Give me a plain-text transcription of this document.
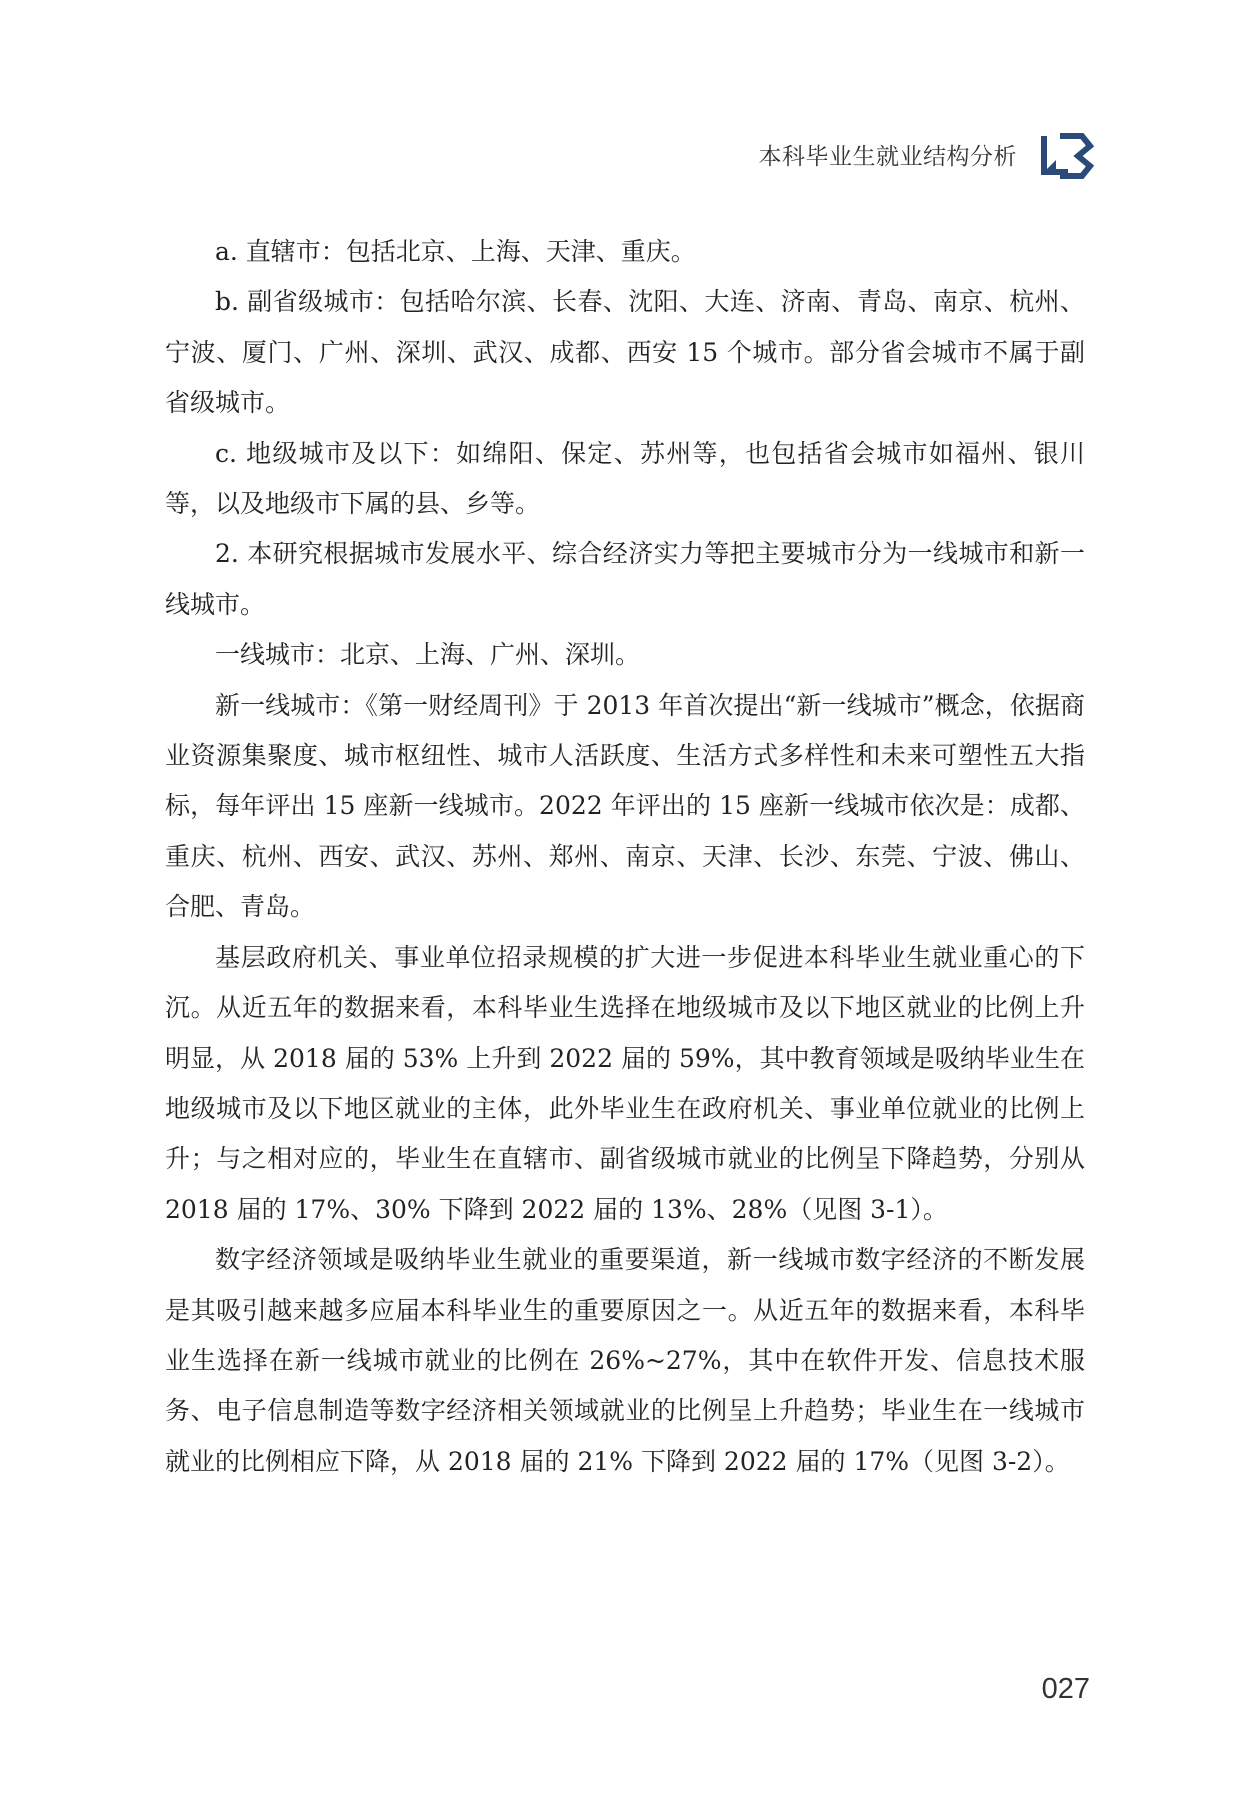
本科毕业生就业结构分析

a. 直辖市：包括北京、上海、天津、重庆。

b. 副省级城市：包括哈尔滨、长春、沈阳、大连、济南、青岛、南京、杭州、宁波、厦门、广州、深圳、武汉、成都、西安 15 个城市。部分省会城市不属于副省级城市。

c. 地级城市及以下：如绵阳、保定、苏州等，也包括省会城市如福州、银川等，以及地级市下属的县、乡等。

2. 本研究根据城市发展水平、综合经济实力等把主要城市分为一线城市和新一线城市。

一线城市：北京、上海、广州、深圳。

新一线城市：《第一财经周刊》于 2013 年首次提出“新一线城市”概念，依据商业资源集聚度、城市枢纽性、城市人活跃度、生活方式多样性和未来可塑性五大指标，每年评出 15 座新一线城市。2022 年评出的 15 座新一线城市依次是：成都、重庆、杭州、西安、武汉、苏州、郑州、南京、天津、长沙、东莞、宁波、佛山、合肥、青岛。

基层政府机关、事业单位招录规模的扩大进一步促进本科毕业生就业重心的下沉。从近五年的数据来看，本科毕业生选择在地级城市及以下地区就业的比例上升明显，从 2018 届的 53% 上升到 2022 届的 59%，其中教育领域是吸纳毕业生在地级城市及以下地区就业的主体，此外毕业生在政府机关、事业单位就业的比例上升；与之相对应的，毕业生在直辖市、副省级城市就业的比例呈下降趋势，分别从 2018 届的 17%、30% 下降到 2022 届的 13%、28%（见图 3-1）。

数字经济领域是吸纳毕业生就业的重要渠道，新一线城市数字经济的不断发展是其吸引越来越多应届本科毕业生的重要原因之一。从近五年的数据来看，本科毕业生选择在新一线城市就业的比例在 26%~27%，其中在软件开发、信息技术服务、电子信息制造等数字经济相关领域就业的比例呈上升趋势；毕业生在一线城市就业的比例相应下降，从 2018 届的 21% 下降到 2022 届的 17%（见图 3-2）。

027
